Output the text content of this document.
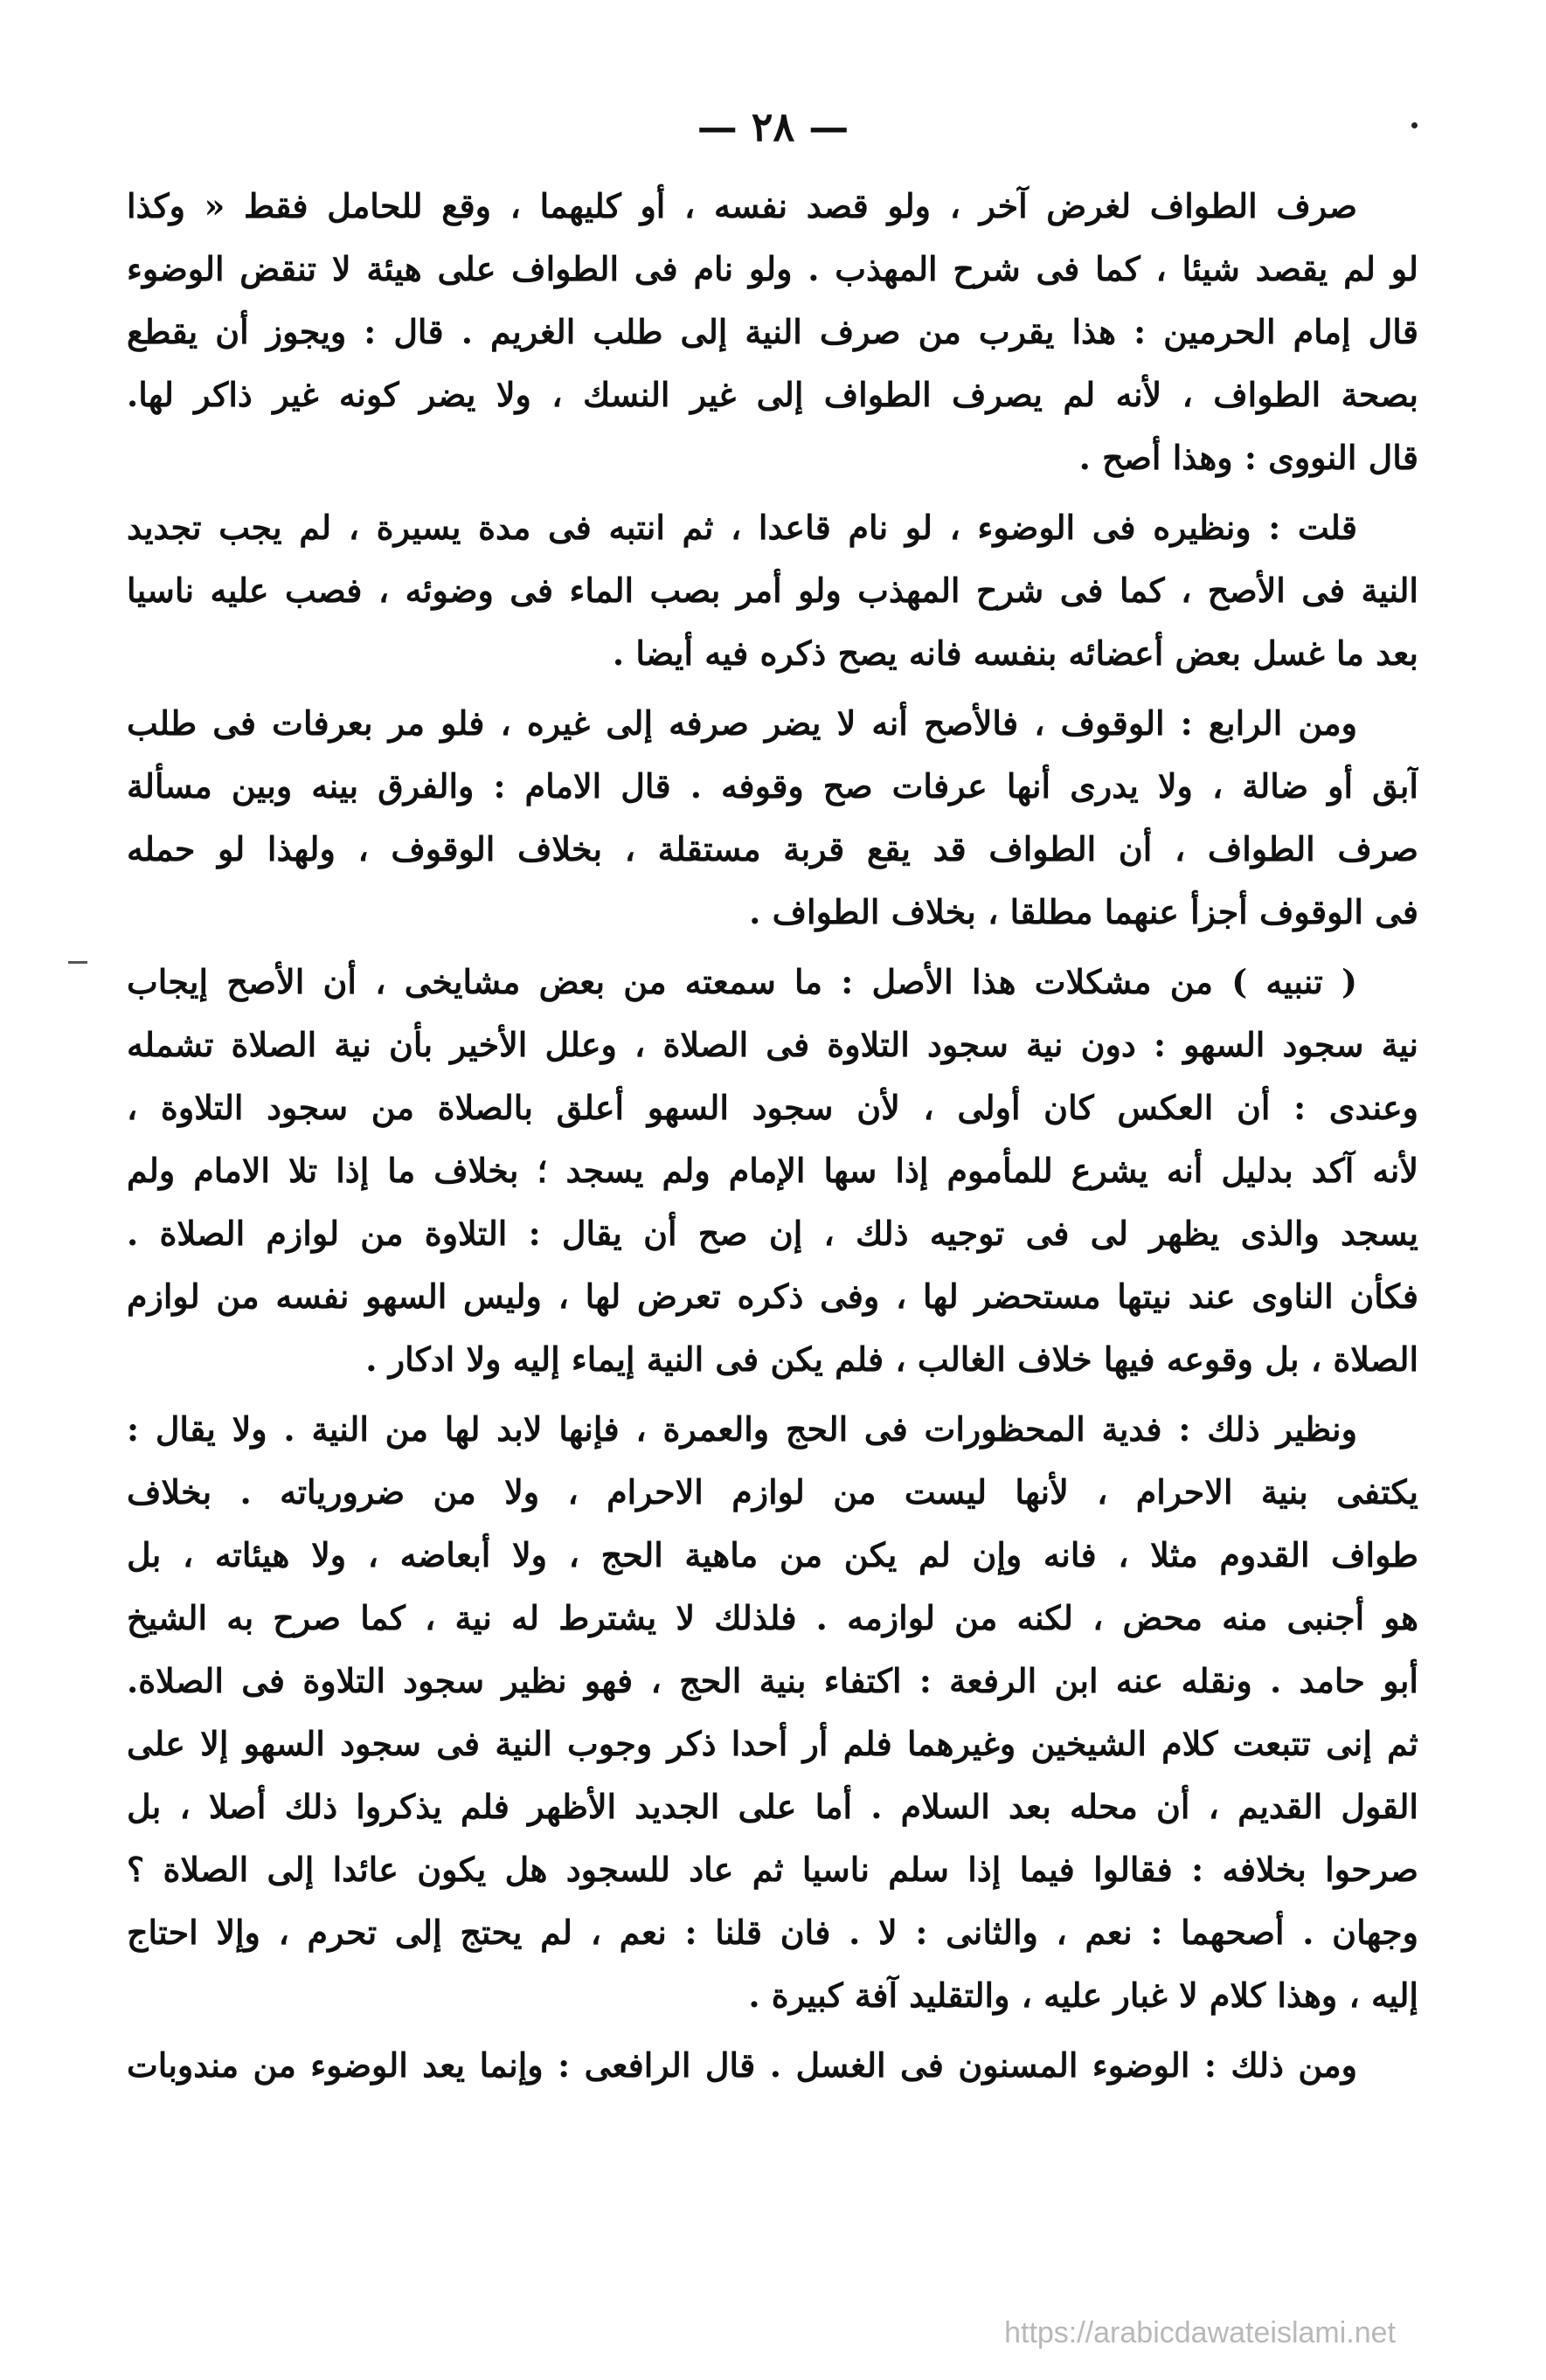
— ٢٨ —
صرف الطواف لغرض آخر ، ولو قصد نفسه ، أو كليهما ، وقع للحامل فقط « وكذا
لو لم يقصد شيئا ، كما فى شرح المهذب . ولو نام فى الطواف على هيئة لا تنقض الوضوء
قال إمام الحرمين : هذا يقرب من صرف النية إلى طلب الغريم . قال : ويجوز أن يقطع
بصحة الطواف ، لأنه لم يصرف الطواف إلى غير النسك ، ولا يضر كونه غير ذاكر لها.
قال النووى : وهذا أصح .
قلت : ونظيره فى الوضوء ، لو نام قاعدا ، ثم انتبه فى مدة يسيرة ، لم يجب تجديد
النية فى الأصح ، كما فى شرح المهذب ولو أمر بصب الماء فى وضوئه ، فصب عليه ناسيا
بعد ما غسل بعض أعضائه بنفسه فانه يصح ذكره فيه أيضا .
ومن الرابع : الوقوف ، فالأصح أنه لا يضر صرفه إلى غيره ، فلو مر بعرفات فى طلب
آبق أو ضالة ، ولا يدرى أنها عرفات صح وقوفه . قال الامام : والفرق بينه وبين مسألة
صرف الطواف ، أن الطواف قد يقع قربة مستقلة ، بخلاف الوقوف ، ولهذا لو حمله
فى الوقوف أجزأ عنهما مطلقا ، بخلاف الطواف .
( تنبيه ) من مشكلات هذا الأصل : ما سمعته من بعض مشايخى ، أن الأصح إيجاب
نية سجود السهو : دون نية سجود التلاوة فى الصلاة ، وعلل الأخير بأن نية الصلاة تشمله
وعندى : أن العكس كان أولى ، لأن سجود السهو أعلق بالصلاة من سجود التلاوة ،
لأنه آكد بدليل أنه يشرع للمأموم إذا سها الإمام ولم يسجد ؛ بخلاف ما إذا تلا الامام ولم
يسجد والذى يظهر لى فى توجيه ذلك ، إن صح أن يقال : التلاوة من لوازم الصلاة .
فكأن الناوى عند نيتها مستحضر لها ، وفى ذكره تعرض لها ، وليس السهو نفسه من لوازم
الصلاة ، بل وقوعه فيها خلاف الغالب ، فلم يكن فى النية إيماء إليه ولا ادكار .
ونظير ذلك : فدية المحظورات فى الحج والعمرة ، فإنها لابد لها من النية . ولا يقال :
يكتفى بنية الاحرام ، لأنها ليست من لوازم الاحرام ، ولا من ضرورياته . بخلاف
طواف القدوم مثلا ، فانه وإن لم يكن من ماهية الحج ، ولا أبعاضه ، ولا هيئاته ، بل
هو أجنبى منه محض ، لكنه من لوازمه . فلذلك لا يشترط له نية ، كما صرح به الشيخ
أبو حامد . ونقله عنه ابن الرفعة : اكتفاء بنية الحج ، فهو نظير سجود التلاوة فى الصلاة.
ثم إنى تتبعت كلام الشيخين وغيرهما فلم أر أحدا ذكر وجوب النية فى سجود السهو إلا على
القول القديم ، أن محله بعد السلام . أما على الجديد الأظهر فلم يذكروا ذلك أصلا ، بل
صرحوا بخلافه : فقالوا فيما إذا سلم ناسيا ثم عاد للسجود هل يكون عائدا إلى الصلاة ؟
وجهان . أصحهما : نعم ، والثانى : لا . فان قلنا : نعم ، لم يحتج إلى تحرم ، وإلا احتاج
إليه ، وهذا كلام لا غبار عليه ، والتقليد آفة كبيرة .
ومن ذلك : الوضوء المسنون فى الغسل . قال الرافعى : وإنما يعد الوضوء من مندوبات
https://arabicdawateislami.net
